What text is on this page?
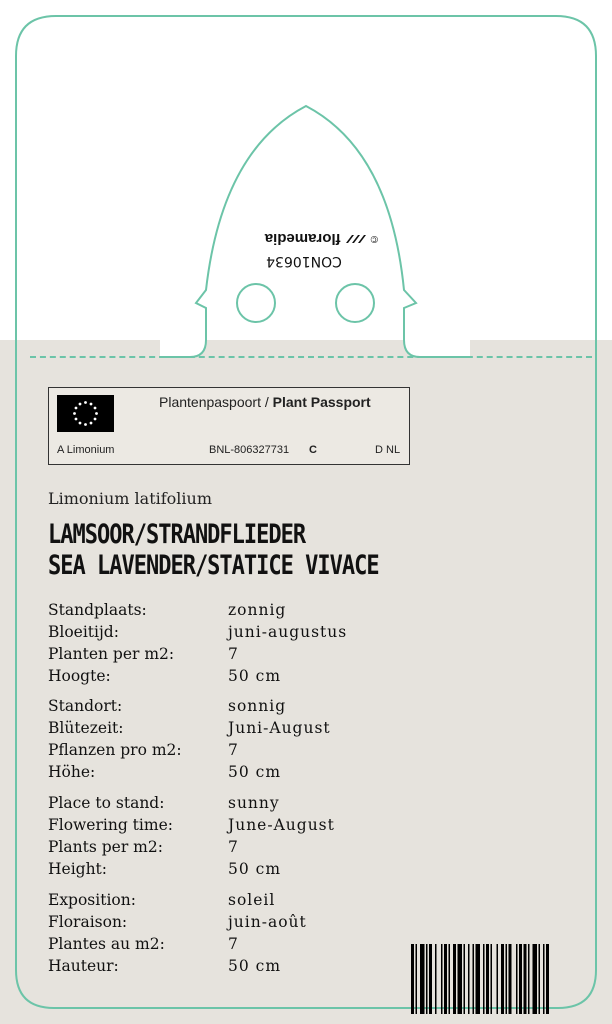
©
floramedia
CON10634
Plantenpaspoort / Plant Passport
A Limonium	BNL-806327731 C	D NL
Limonium latifolium
LAMSOOR/STRANDFLIEDER
SEA LAVENDER/STATICE VIVACE
Standplaats:	zonnig
Bloeitijd:	juni-augustus
Planten per m2:	7
Hoogte:	50 cm
Standort:	sonnig
Blütezeit:	Juni-August
Pflanzen pro m2:	7
Höhe:	50 cm
Place to stand:	sunny
Flowering time:	June-August
Plants per m2:	7
Height:	50 cm
Exposition:	soleil
Floraison:	juin-août
Plantes au m2:	7
Hauteur:	50 cm
